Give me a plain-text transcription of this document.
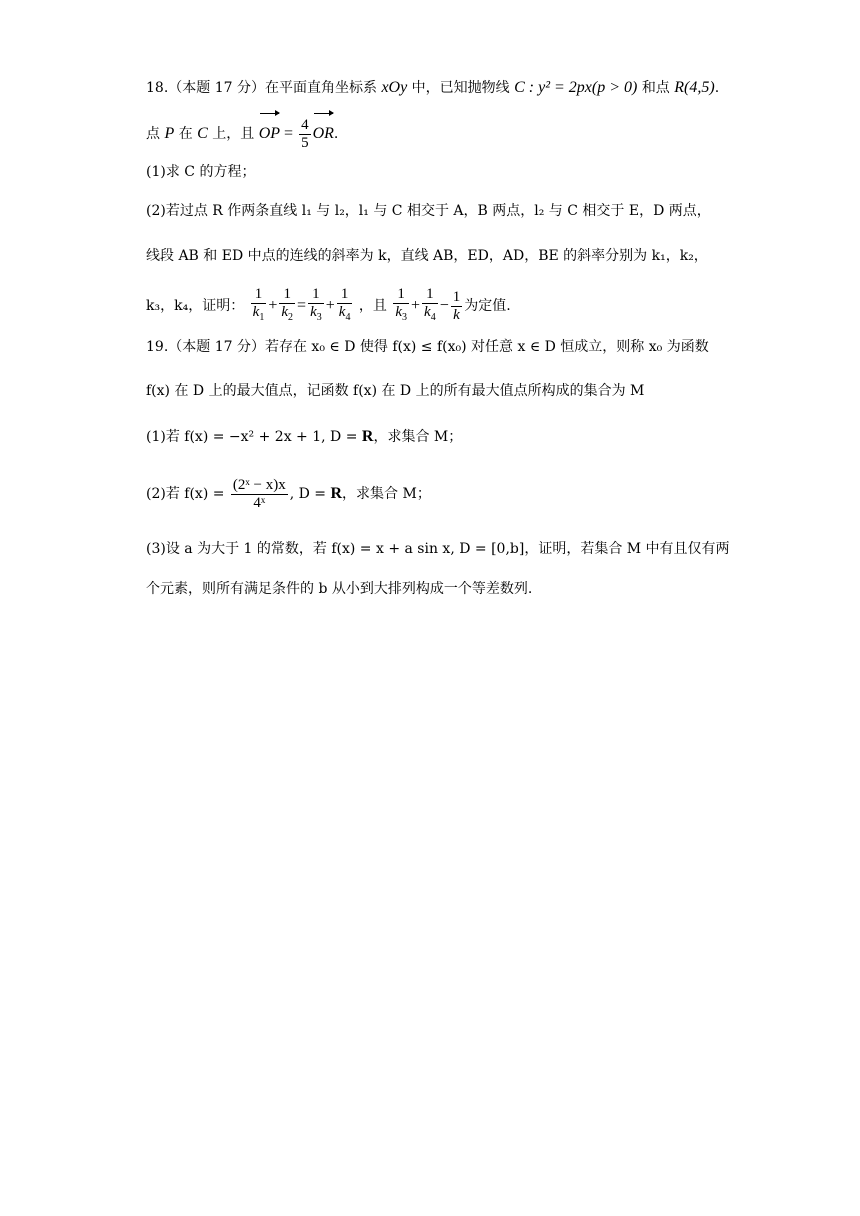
18.（本题 17 分）在平面直角坐标系 xOy 中，已知抛物线 C : y² = 2px(p > 0) 和点 R(4,5).
点 P 在 C 上，且 OP = $\frac{4}{5}$ OR.
(1)求 C 的方程；
(2)若过点 R 作两条直线 l₁ 与 l₂，l₁ 与 C 相交于 A，B 两点，l₂ 与 C 相交于 E，D 两点，
线段 AB 和 ED 中点的连线的斜率为 k，直线 AB，ED，AD，BE 的斜率分别为 k₁，k₂，
k₃，k₄，证明： $\frac{1}{k_1} + \frac{1}{k_2} = \frac{1}{k_3} + \frac{1}{k_4}$ ，且 $\frac{1}{k_3} + \frac{1}{k_4} - \frac{1}{k}$ 为定值.
19.（本题 17 分）若存在 x₀ ∈ D 使得 f(x) ≤ f(x₀) 对任意 x ∈ D 恒成立，则称 x₀ 为函数
f(x) 在 D 上的最大值点，记函数 f(x) 在 D 上的所有最大值点所构成的集合为 M
(1)若 f(x) = −x² + 2x + 1, D = R，求集合 M；
(2)若 $f(x) = \frac{\text{(2ˣ − x)x}}{\text{4ˣ}}$ , D = R，求集合 M；
(3)设 a 为大于 1 的常数，若 f(x) = x + a sin x, D = [0,b]，证明，若集合 M 中有且仅有两
个元素，则所有满足条件的 b 从小到大排列构成一个等差数列.
